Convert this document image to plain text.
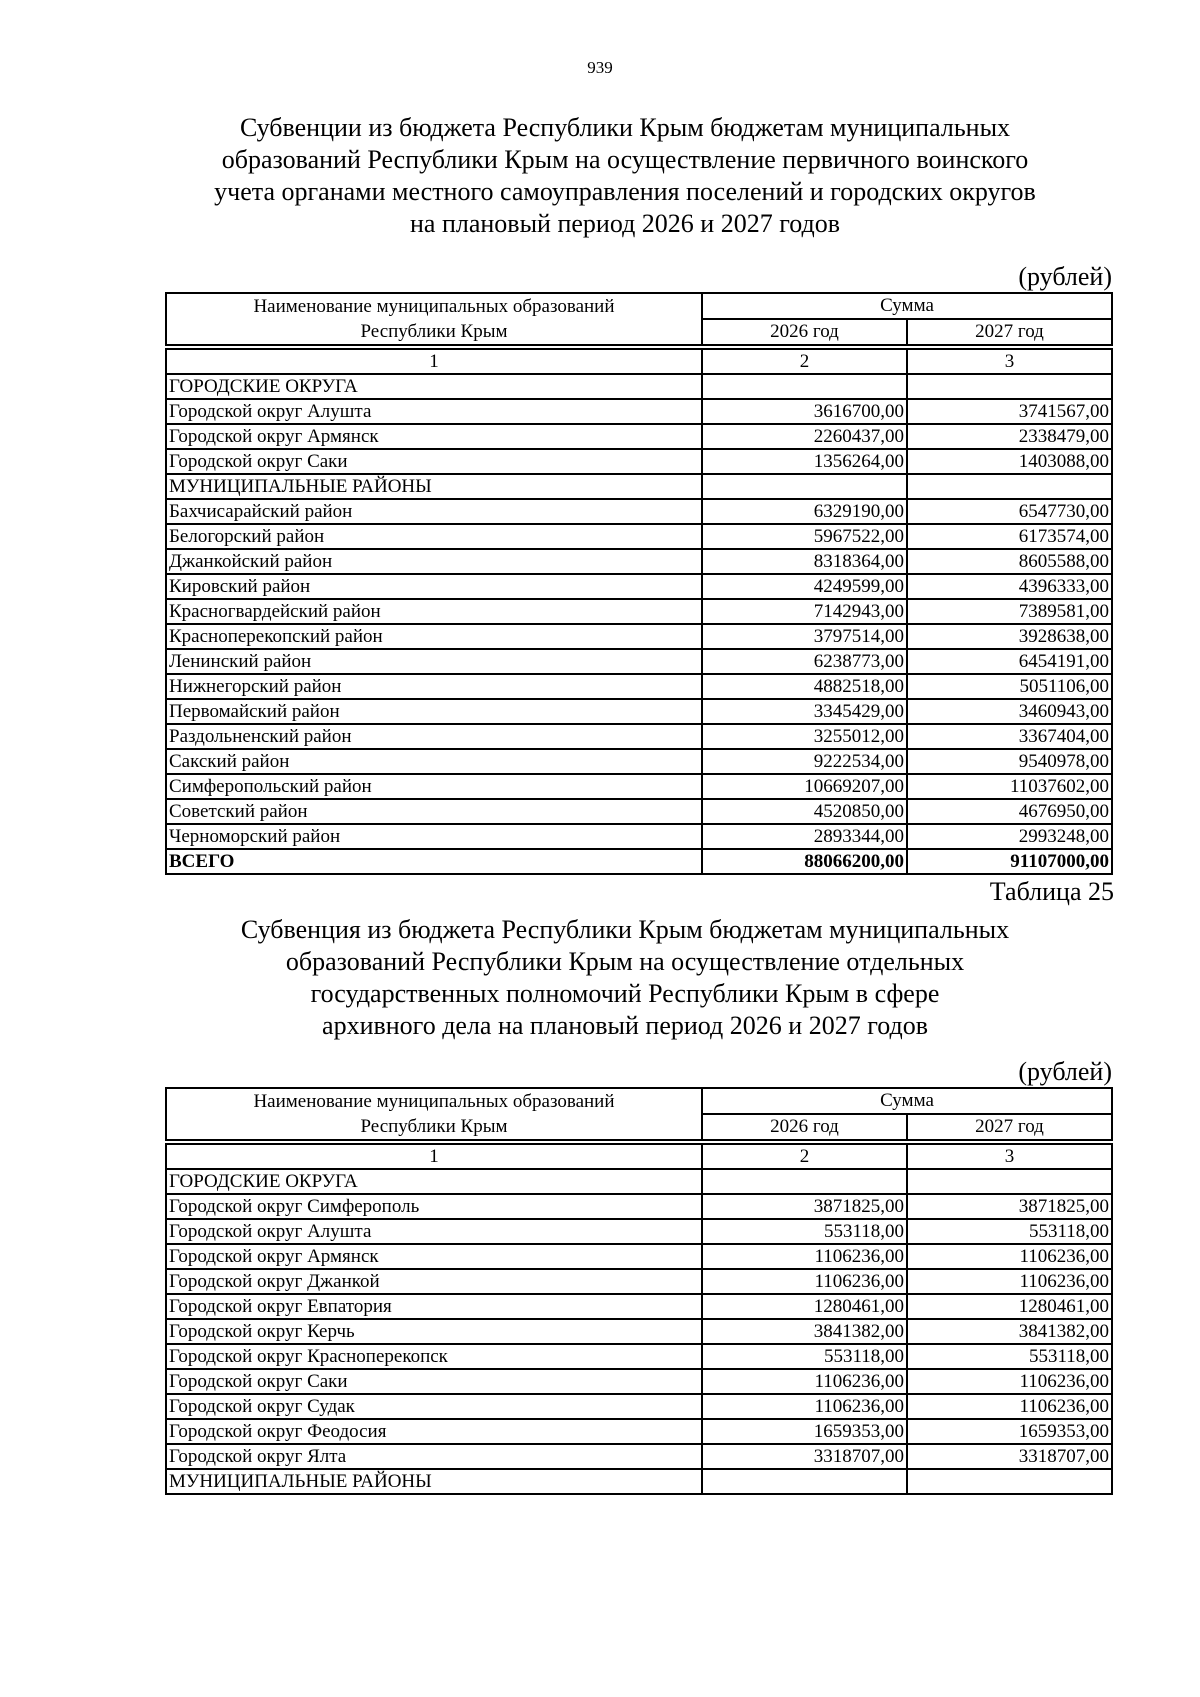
939
Субвенции из бюджета Республики Крым бюджетам муниципальных
образований Республики Крым на осуществление первичного воинского
учета органами местного самоуправления поселений и городских округов
на плановый период 2026 и 2027 годов
(рублей)
Наименование муниципальных образований
Республики Крым	Сумма	
	2026 год	2027 год

1	2	3
ГОРОДСКИЕ ОКРУГА		
Городской округ Алушта	3616700,00	3741567,00
Городской округ Армянск	2260437,00	2338479,00
Городской округ Саки	1356264,00	1403088,00
МУНИЦИПАЛЬНЫЕ РАЙОНЫ		
Бахчисарайский район	6329190,00	6547730,00
Белогорский район	5967522,00	6173574,00
Джанкойский район	8318364,00	8605588,00
Кировский район	4249599,00	4396333,00
Красногвардейский район	7142943,00	7389581,00
Красноперекопский район	3797514,00	3928638,00
Ленинский район	6238773,00	6454191,00
Нижнегорский район	4882518,00	5051106,00
Первомайский район	3345429,00	3460943,00
Раздольненский район	3255012,00	3367404,00
Сакский район	9222534,00	9540978,00
Симферопольский район	10669207,00	11037602,00
Советский район	4520850,00	4676950,00
Черноморский район	2893344,00	2993248,00
ВСЕГО	88066200,00	91107000,00
Таблица 25
Субвенция из бюджета Республики Крым бюджетам муниципальных
образований Республики Крым на осуществление отдельных
государственных полномочий Республики Крым в сфере
архивного дела на плановый период 2026 и 2027 годов
(рублей)
Наименование муниципальных образований
Республики Крым	Сумма	
	2026 год	2027 год

1	2	3
ГОРОДСКИЕ ОКРУГА		
Городской округ Симферополь	3871825,00	3871825,00
Городской округ Алушта	553118,00	553118,00
Городской округ Армянск	1106236,00	1106236,00
Городской округ Джанкой	1106236,00	1106236,00
Городской округ Евпатория	1280461,00	1280461,00
Городской округ Керчь	3841382,00	3841382,00
Городской округ Красноперекопск	553118,00	553118,00
Городской округ Саки	1106236,00	1106236,00
Городской округ Судак	1106236,00	1106236,00
Городской округ Феодосия	1659353,00	1659353,00
Городской округ Ялта	3318707,00	3318707,00
МУНИЦИПАЛЬНЫЕ РАЙОНЫ		
